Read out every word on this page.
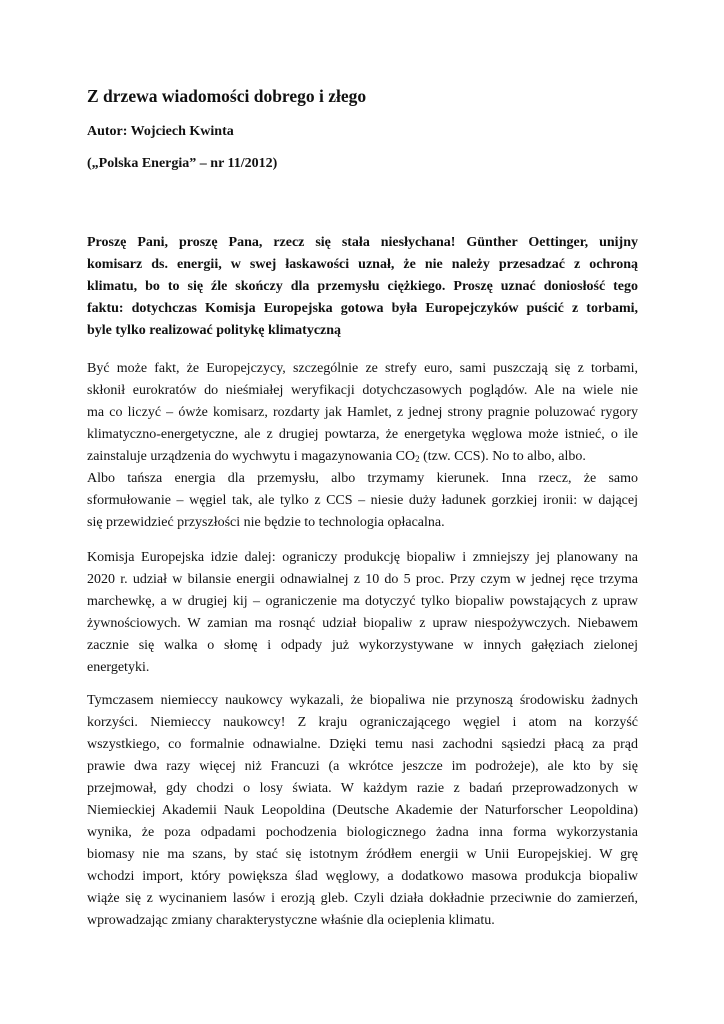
Z drzewa wiadomości dobrego i złego

Autor: Wojciech Kwinta

(„Polska Energia” – nr 11/2012)

Proszę Pani, proszę Pana, rzecz się stała niesłychana! Günther Oettinger, unijny
komisarz ds. energii, w swej łaskawości uznał, że nie należy przesadzać z ochroną
klimatu, bo to się źle skończy dla przemysłu ciężkiego. Proszę uznać doniosłość tego
faktu: dotychczas Komisja Europejska gotowa była Europejczyków puścić z torbami,
byle tylko realizować politykę klimatyczną

Być może fakt, że Europejczycy, szczególnie ze strefy euro, sami puszczają się z torbami,
skłonił eurokratów do nieśmiałej weryfikacji dotychczasowych poglądów. Ale na wiele nie
ma co liczyć – ówże komisarz, rozdarty jak Hamlet, z jednej strony pragnie poluzować rygory
klimatyczno-energetyczne, ale z drugiej powtarza, że energetyka węglowa może istnieć, o ile
zainstaluje urządzenia do wychwytu i magazynowania $CO_2$ (tzw. CCS). No to albo, albo.
Albo tańsza energia dla przemysłu, albo trzymamy kierunek. Inna rzecz, że samo
sformułowanie – węgiel tak, ale tylko z CCS – niesie duży ładunek gorzkiej ironii: w dającej
się przewidzieć przyszłości nie będzie to technologia opłacalna.

Komisja Europejska idzie dalej: ograniczy produkcję biopaliw i zmniejszy jej planowany na
2020 r. udział w bilansie energii odnawialnej z 10 do 5 proc. Przy czym w jednej ręce trzyma
marchewkę, a w drugiej kij – ograniczenie ma dotyczyć tylko biopaliw powstających z upraw
żywnościowych. W zamian ma rosnąć udział biopaliw z upraw niespożywczych. Niebawem
zacznie się walka o słomę i odpady już wykorzystywane w innych gałęziach zielonej
energetyki.

Tymczasem niemieccy naukowcy wykazali, że biopaliwa nie przynoszą środowisku żadnych
korzyści. Niemieccy naukowcy! Z kraju ograniczającego węgiel i atom na korzyść
wszystkiego, co formalnie odnawialne. Dzięki temu nasi zachodni sąsiedzi płacą za prąd
prawie dwa razy więcej niż Francuzi (a wkrótce jeszcze im podrożeje), ale kto by się
przejmował, gdy chodzi o losy świata. W każdym razie z badań przeprowadzonych w
Niemieckiej Akademii Nauk Leopoldina (Deutsche Akademie der Naturforscher Leopoldina)
wynika, że poza odpadami pochodzenia biologicznego żadna inna forma wykorzystania
biomasy nie ma szans, by stać się istotnym źródłem energii w Unii Europejskiej. W grę
wchodzi import, który powiększa ślad węglowy, a dodatkowo masowa produkcja biopaliw
wiąże się z wycinaniem lasów i erozją gleb. Czyli działa dokładnie przeciwnie do zamierzeń,
wprowadzając zmiany charakterystyczne właśnie dla ocieplenia klimatu.
